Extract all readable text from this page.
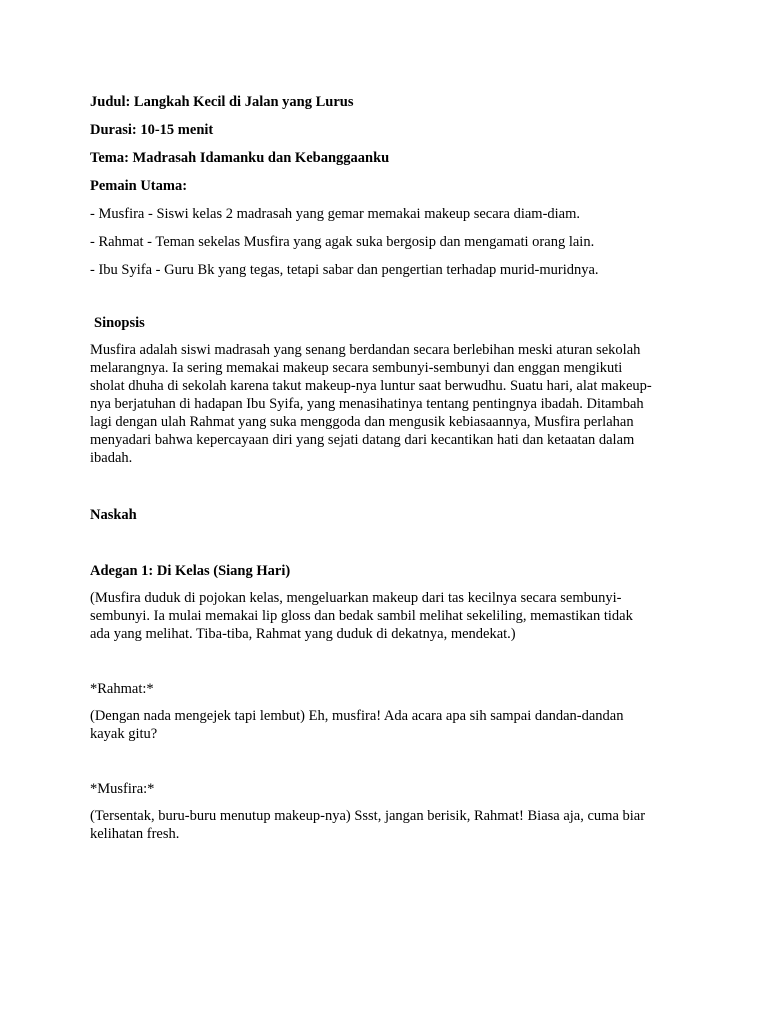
Judul: Langkah Kecil di Jalan yang Lurus

Durasi: 10-15 menit

Tema: Madrasah Idamanku dan Kebanggaanku

Pemain Utama:

- Musfira - Siswi kelas 2 madrasah yang gemar memakai makeup secara diam-diam.

- Rahmat - Teman sekelas Musfira yang agak suka bergosip dan mengamati orang lain.

- Ibu Syifa - Guru Bk yang tegas, tetapi sabar dan pengertian terhadap murid-muridnya.

Sinopsis

Musfira adalah siswi madrasah yang senang berdandan secara berlebihan meski aturan sekolah

melarangnya. Ia sering memakai makeup secara sembunyi-sembunyi dan enggan mengikuti

sholat dhuha di sekolah karena takut makeup-nya luntur saat berwudhu. Suatu hari, alat makeup-

nya berjatuhan di hadapan Ibu Syifa, yang menasihatinya tentang pentingnya ibadah. Ditambah

lagi dengan ulah Rahmat yang suka menggoda dan mengusik kebiasaannya, Musfira perlahan

menyadari bahwa kepercayaan diri yang sejati datang dari kecantikan hati dan ketaatan dalam

ibadah.

Naskah

Adegan 1: Di Kelas (Siang Hari)

(Musfira duduk di pojokan kelas, mengeluarkan makeup dari tas kecilnya secara sembunyi-

sembunyi. Ia mulai memakai lip gloss dan bedak sambil melihat sekeliling, memastikan tidak

ada yang melihat. Tiba-tiba, Rahmat yang duduk di dekatnya, mendekat.)

*Rahmat:*

(Dengan nada mengejek tapi lembut) Eh, musfira! Ada acara apa sih sampai dandan-dandan

kayak gitu?

*Musfira:*

(Tersentak, buru-buru menutup makeup-nya) Ssst, jangan berisik, Rahmat! Biasa aja, cuma biar

kelihatan fresh.
